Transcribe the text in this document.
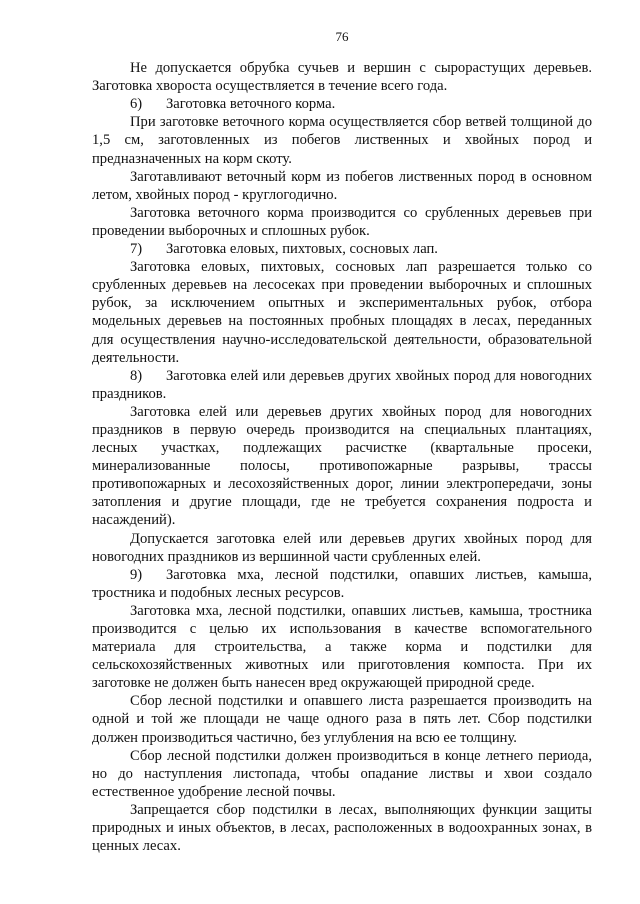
76

Не допускается обрубка сучьев и вершин с сырорастущих деревьев. Заготовка хвороста осуществляется в течение всего года.

6) Заготовка веточного корма.

При заготовке веточного корма осуществляется сбор ветвей толщиной до 1,5 см, заготовленных из побегов лиственных и хвойных пород и предназначенных на корм скоту.

Заготавливают веточный корм из побегов лиственных пород в основном летом, хвойных пород - круглогодично.

Заготовка веточного корма производится со срубленных деревьев при проведении выборочных и сплошных рубок.

7) Заготовка еловых, пихтовых, сосновых лап.

Заготовка еловых, пихтовых, сосновых лап разрешается только со срубленных деревьев на лесосеках при проведении выборочных и сплошных рубок, за исключением опытных и экспериментальных рубок, отбора модельных деревьев на постоянных пробных площадях в лесах, переданных для осуществления научно-исследовательской деятельности, образовательной деятельности.

8) Заготовка елей или деревьев других хвойных пород для новогодних праздников.

Заготовка елей или деревьев других хвойных пород для новогодних праздников в первую очередь производится на специальных плантациях, лесных участках, подлежащих расчистке (квартальные просеки, минерализованные полосы, противопожарные разрывы, трассы противопожарных и лесохозяйственных дорог, линии электропередачи, зоны затопления и другие площади, где не требуется сохранения подроста и насаждений).

Допускается заготовка елей или деревьев других хвойных пород для новогодних праздников из вершинной части срубленных елей.

9) Заготовка мха, лесной подстилки, опавших листьев, камыша, тростника и подобных лесных ресурсов.

Заготовка мха, лесной подстилки, опавших листьев, камыша, тростника производится с целью их использования в качестве вспомогательного материала для строительства, а также корма и подстилки для сельскохозяйственных животных или приготовления компоста. При их заготовке не должен быть нанесен вред окружающей природной среде.

Сбор лесной подстилки и опавшего листа разрешается производить на одной и той же площади не чаще одного раза в пять лет. Сбор подстилки должен производиться частично, без углубления на всю ее толщину.

Сбор лесной подстилки должен производиться в конце летнего периода, но до наступления листопада, чтобы опадание листвы и хвои создало естественное удобрение лесной почвы.

Запрещается сбор подстилки в лесах, выполняющих функции защиты природных и иных объектов, в лесах, расположенных в водоохранных зонах, в ценных лесах.
